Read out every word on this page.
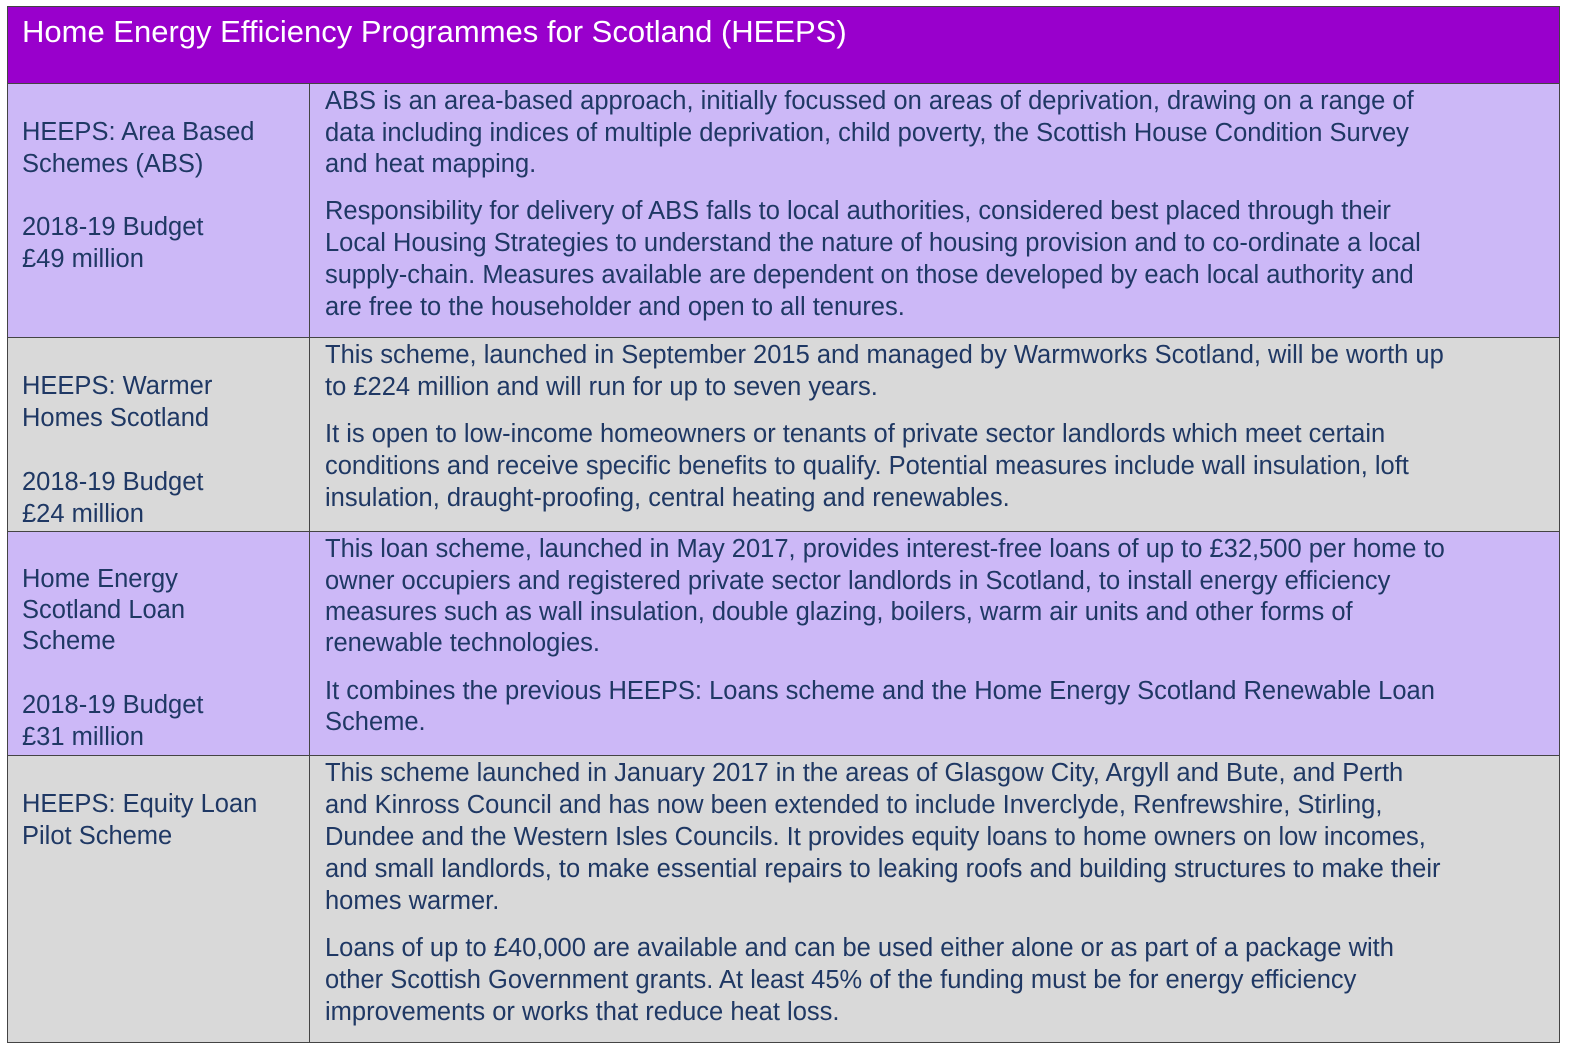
Home Energy Efficiency Programmes for Scotland (HEEPS)
HEEPS: Area Based
Schemes (ABS)
2018-19 Budget
£49 million
ABS is an area-based approach, initially focussed on areas of deprivation, drawing on a range of
data including indices of multiple deprivation, child poverty, the Scottish House Condition Survey
and heat mapping.
Responsibility for delivery of ABS falls to local authorities, considered best placed through their
Local Housing Strategies to understand the nature of housing provision and to co-ordinate a local
supply-chain. Measures available are dependent on those developed by each local authority and
are free to the householder and open to all tenures.
HEEPS: Warmer
Homes Scotland
2018-19 Budget
£24 million
This scheme, launched in September 2015 and managed by Warmworks Scotland, will be worth up
to £224 million and will run for up to seven years.
It is open to low-income homeowners or tenants of private sector landlords which meet certain
conditions and receive specific benefits to qualify. Potential measures include wall insulation, loft
insulation, draught-proofing, central heating and renewables.
Home Energy
Scotland Loan
Scheme
2018-19 Budget
£31 million
This loan scheme, launched in May 2017, provides interest-free loans of up to £32,500 per home to
owner occupiers and registered private sector landlords in Scotland, to install energy efficiency
measures such as wall insulation, double glazing, boilers, warm air units and other forms of
renewable technologies.
It combines the previous HEEPS: Loans scheme and the Home Energy Scotland Renewable Loan
Scheme.
HEEPS: Equity Loan
Pilot Scheme
This scheme launched in January 2017 in the areas of Glasgow City, Argyll and Bute, and Perth
and Kinross Council and has now been extended to include Inverclyde, Renfrewshire, Stirling,
Dundee and the Western Isles Councils. It provides equity loans to home owners on low incomes,
and small landlords, to make essential repairs to leaking roofs and building structures to make their
homes warmer.
Loans of up to £40,000 are available and can be used either alone or as part of a package with
other Scottish Government grants. At least 45% of the funding must be for energy efficiency
improvements or works that reduce heat loss.
